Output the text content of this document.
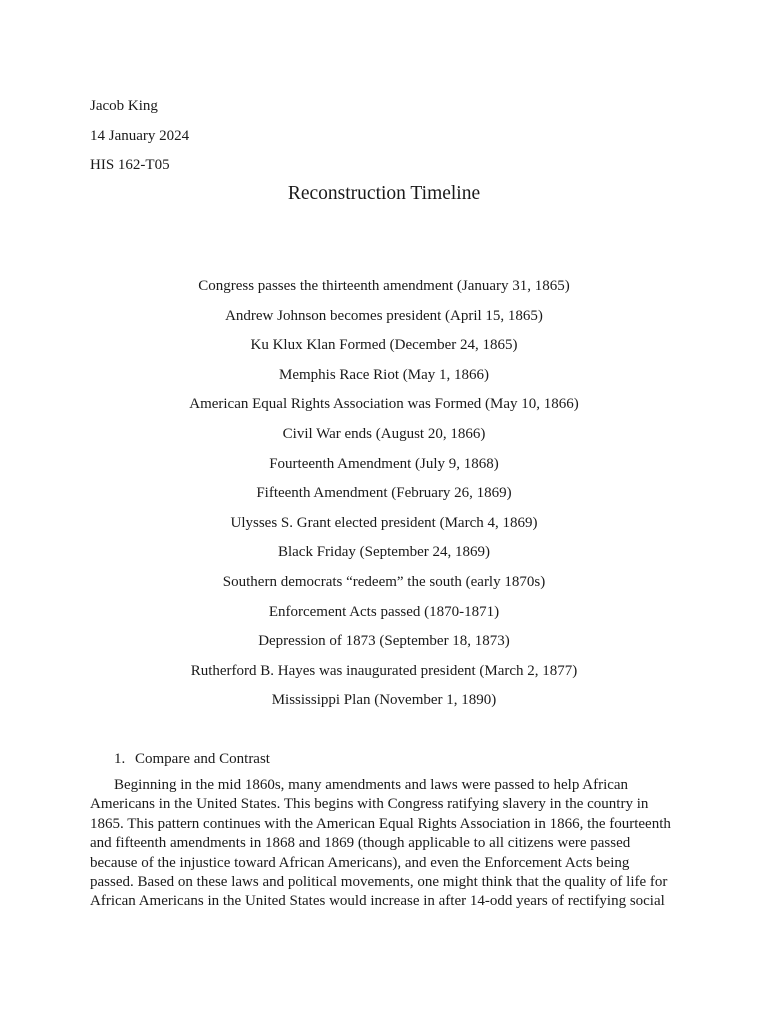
Jacob King
14 January 2024
HIS 162-T05
Reconstruction Timeline
Congress passes the thirteenth amendment (January 31, 1865)
Andrew Johnson becomes president (April 15, 1865)
Ku Klux Klan Formed (December 24, 1865)
Memphis Race Riot (May 1, 1866)
American Equal Rights Association was Formed (May 10, 1866)
Civil War ends (August 20, 1866)
Fourteenth Amendment (July 9, 1868)
Fifteenth Amendment (February 26, 1869)
Ulysses S. Grant elected president (March 4, 1869)
Black Friday (September 24, 1869)
Southern democrats “redeem” the south (early 1870s)
Enforcement Acts passed (1870-1871)
Depression of 1873 (September 18, 1873)
Rutherford B. Hayes was inaugurated president (March 2, 1877)
Mississippi Plan (November 1, 1890)
1. Compare and Contrast
Beginning in the mid 1860s, many amendments and laws were passed to help African
Americans in the United States. This begins with Congress ratifying slavery in the country in
1865. This pattern continues with the American Equal Rights Association in 1866, the fourteenth
and fifteenth amendments in 1868 and 1869 (though applicable to all citizens were passed
because of the injustice toward African Americans), and even the Enforcement Acts being
passed. Based on these laws and political movements, one might think that the quality of life for
African Americans in the United States would increase in after 14-odd years of rectifying social
